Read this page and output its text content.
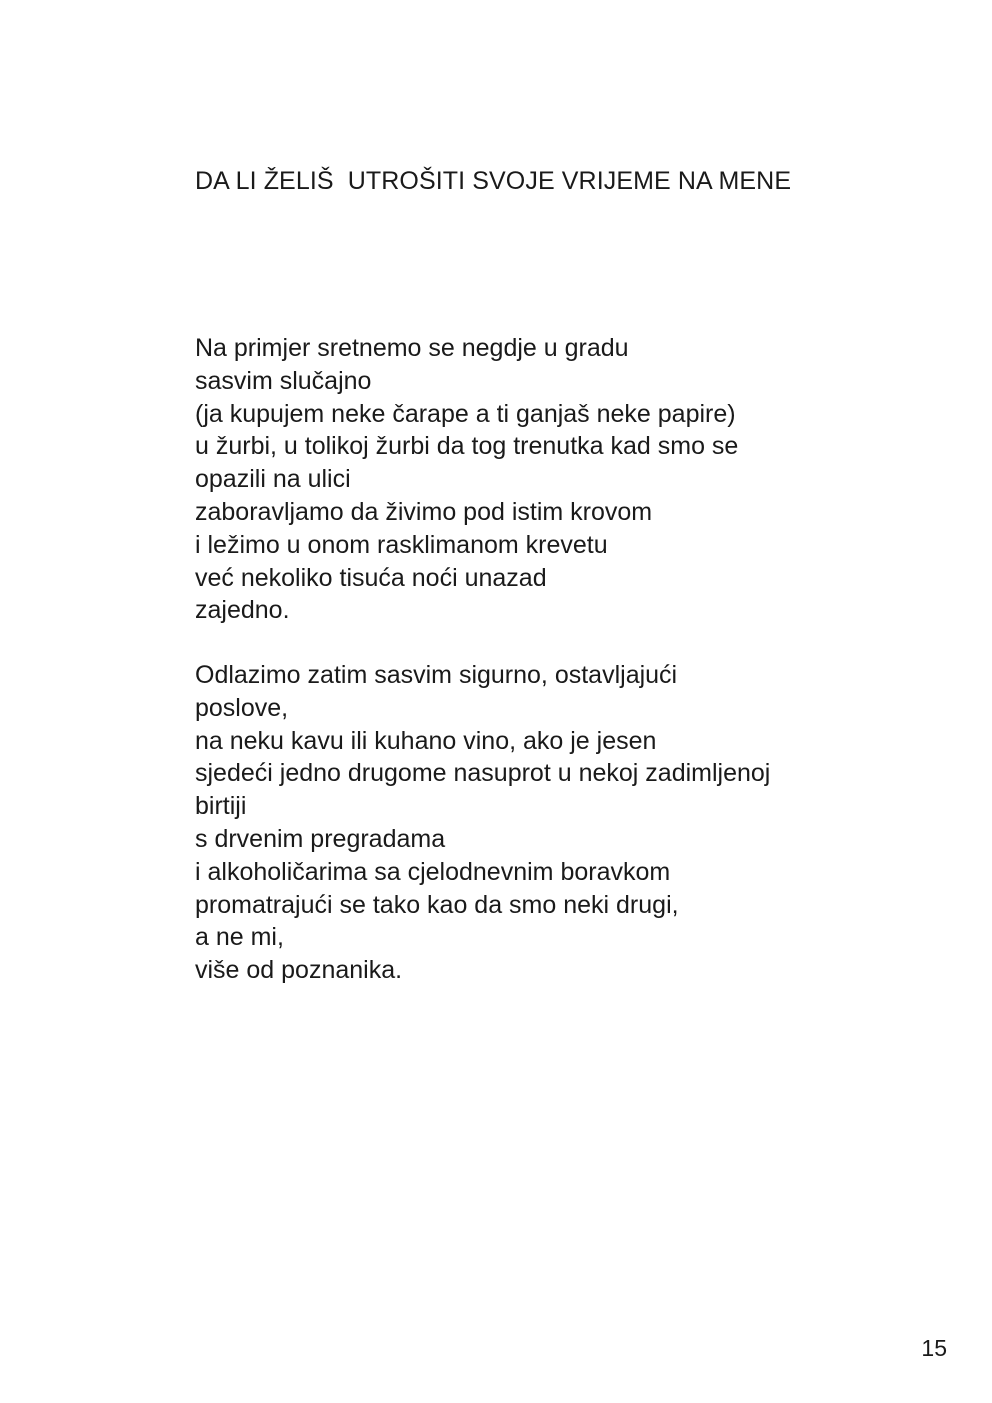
DA LI ŽELIŠ  UTROŠITI SVOJE VRIJEME NA MENE
Na primjer sretnemo se negdje u gradu
sasvim slučajno
(ja kupujem neke čarape a ti ganjaš neke papire)
u žurbi, u tolikoj žurbi da tog trenutka kad smo se
opazili na ulici
zaboravljamo da živimo pod istim krovom
i ležimo u onom rasklimanom krevetu
već nekoliko tisuća noći unazad
zajedno.
Odlazimo zatim sasvim sigurno, ostavljajući
poslove,
na neku kavu ili kuhano vino, ako je jesen
sjedeći jedno drugome nasuprot u nekoj zadimljenoj
birtiji
s drvenim pregradama
i alkoholičarima sa cjelodnevnim boravkom
promatrajući se tako kao da smo neki drugi,
a ne mi,
više od poznanika.
15
